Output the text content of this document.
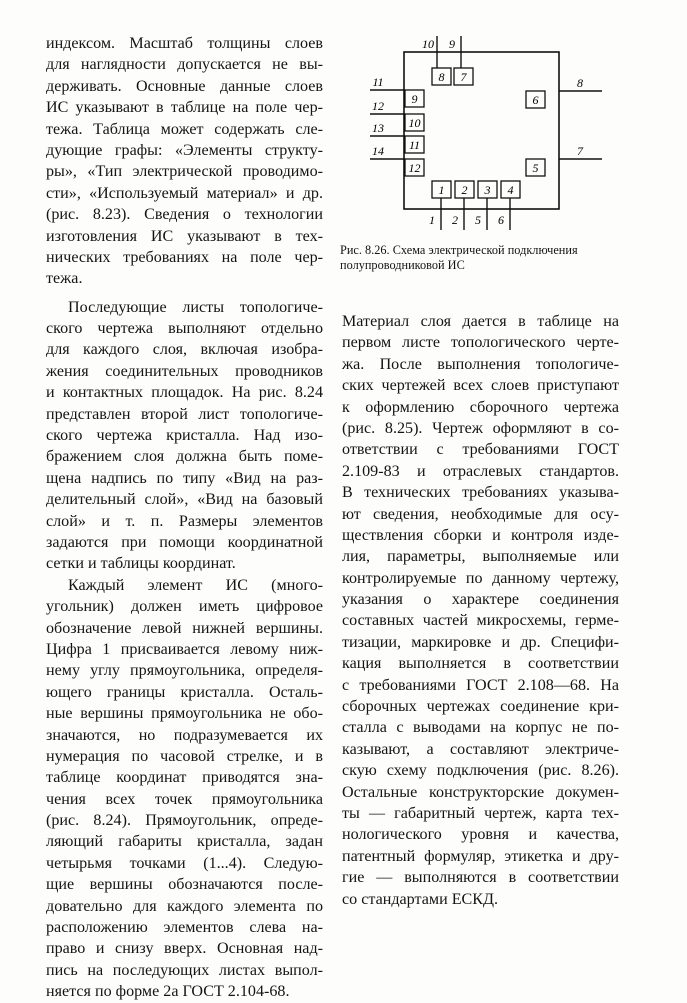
индексом. Масштаб толщины слоев
для наглядности допускается не вы-
держивать. Основные данные слоев
ИС указывают в таблице на поле чер-
тежа. Таблица может содержать сле-
дующие графы: «Элементы структу-
ры», «Тип электрической проводимо-
сти», «Используемый материал» и др.
(рис. 8.23). Сведения о технологии
изготовления ИС указывают в тех-
нических требованиях на поле чер-
тежа.
Последующие листы топологиче-
ского чертежа выполняют отдельно
для каждого слоя, включая изобра-
жения соединительных проводников
и контактных площадок. На рис. 8.24
представлен второй лист топологиче-
ского чертежа кристалла. Над изо-
бражением слоя должна быть поме-
щена надпись по типу «Вид на раз-
делительный слой», «Вид на базовый
слой» и т. п. Размеры элементов
задаются при помощи координатной
сетки и таблицы координат.
Каждый элемент ИС (много-
угольник) должен иметь цифровое
обозначение левой нижней вершины.
Цифра 1 присваивается левому ниж-
нему углу прямоугольника, определя-
ющего границы кристалла. Осталь-
ные вершины прямоугольника не обо-
значаются, но подразумевается их
нумерация по часовой стрелке, и в
таблице координат приводятся зна-
чения всех точек прямоугольника
(рис. 8.24). Прямоугольник, опреде-
ляющий габариты кристалла, задан
четырьмя точками (1...4). Следую-
щие вершины обозначаются после-
довательно для каждого элемента по
расположению элементов слева на-
право и снизу вверх. Основная над-
пись на последующих листах выпол-
няется по форме 2а ГОСТ 2.104-68.
8 7
9
10
11
12
6
5
1 2 3 4
10 9
11
12
13
14
8
7
1 2 5 6
Рис. 8.26. Схема электрической подключения
полупроводниковой ИС
Материал слоя дается в таблице на
первом листе топологического черте-
жа. После выполнения топологиче-
ских чертежей всех слоев приступают
к оформлению сборочного чертежа
(рис. 8.25). Чертеж оформляют в со-
ответствии с требованиями ГОСТ
2.109-83 и отраслевых стандартов.
В технических требованиях указыва-
ют сведения, необходимые для осу-
ществления сборки и контроля изде-
лия, параметры, выполняемые или
контролируемые по данному чертежу,
указания о характере соединения
составных частей микросхемы, герме-
тизации, маркировке и др. Специфи-
кация выполняется в соответствии
с требованиями ГОСТ 2.108—68. На
сборочных чертежах соединение кри-
сталла с выводами на корпус не по-
казывают, а составляют электриче-
скую схему подключения (рис. 8.26).
Остальные конструкторские докумен-
ты — габаритный чертеж, карта тех-
нологического уровня и качества,
патентный формуляр, этикетка и дру-
гие — выполняются в соответствии
со стандартами ЕСКД.
